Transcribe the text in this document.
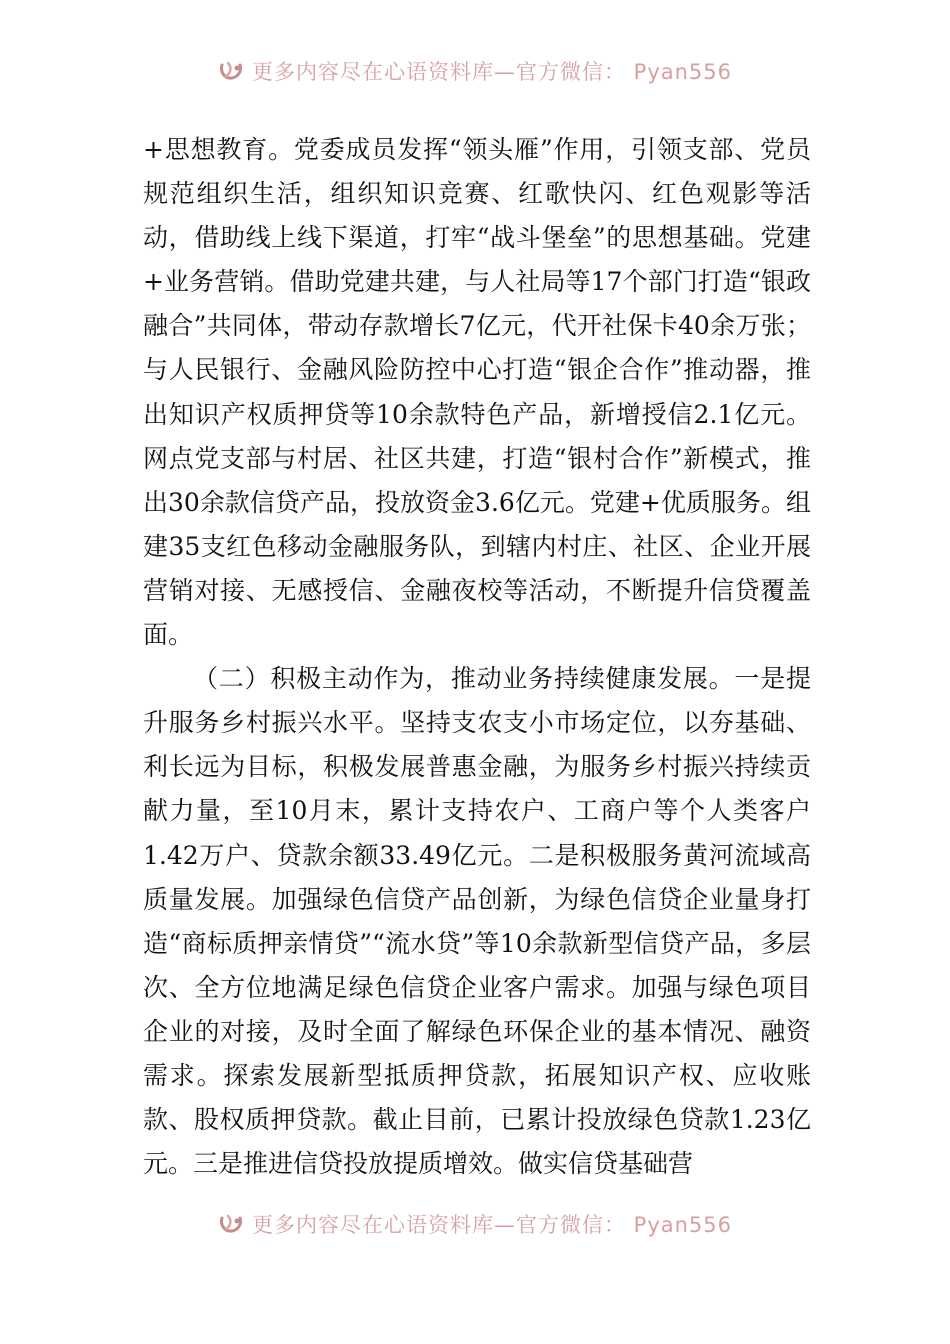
更多内容尽在心语资料库—官方微信： Pyan556

+思想教育。党委成员发挥“领头雁”作用，引领支部、党员规范组织生活，组织知识竞赛、红歌快闪、红色观影等活动，借助线上线下渠道，打牢“战斗堡垒”的思想基础。党建+业务营销。借助党建共建，与人社局等17个部门打造“银政融合”共同体，带动存款增长7亿元，代开社保卡40余万张；与人民银行、金融风险防控中心打造“银企合作”推动器，推出知识产权质押贷等10余款特色产品，新增授信2.1亿元。网点党支部与村居、社区共建，打造“银村合作”新模式，推出30余款信贷产品，投放资金3.6亿元。党建+优质服务。组建35支红色移动金融服务队，到辖内村庄、社区、企业开展营销对接、无感授信、金融夜校等活动，不断提升信贷覆盖面。

（二）积极主动作为，推动业务持续健康发展。一是提升服务乡村振兴水平。坚持支农支小市场定位，以夯基础、利长远为目标，积极发展普惠金融，为服务乡村振兴持续贡献力量，至10月末，累计支持农户、工商户等个人类客户1.42万户、贷款余额33.49亿元。二是积极服务黄河流域高质量发展。加强绿色信贷产品创新，为绿色信贷企业量身打造“商标质押亲情贷”“流水贷”等10余款新型信贷产品，多层次、全方位地满足绿色信贷企业客户需求。加强与绿色项目企业的对接，及时全面了解绿色环保企业的基本情况、融资需求。探索发展新型抵质押贷款，拓展知识产权、应收账款、股权质押贷款。截止目前，已累计投放绿色贷款1.23亿元。三是推进信贷投放提质增效。做实信贷基础营

更多内容尽在心语资料库—官方微信： Pyan556
